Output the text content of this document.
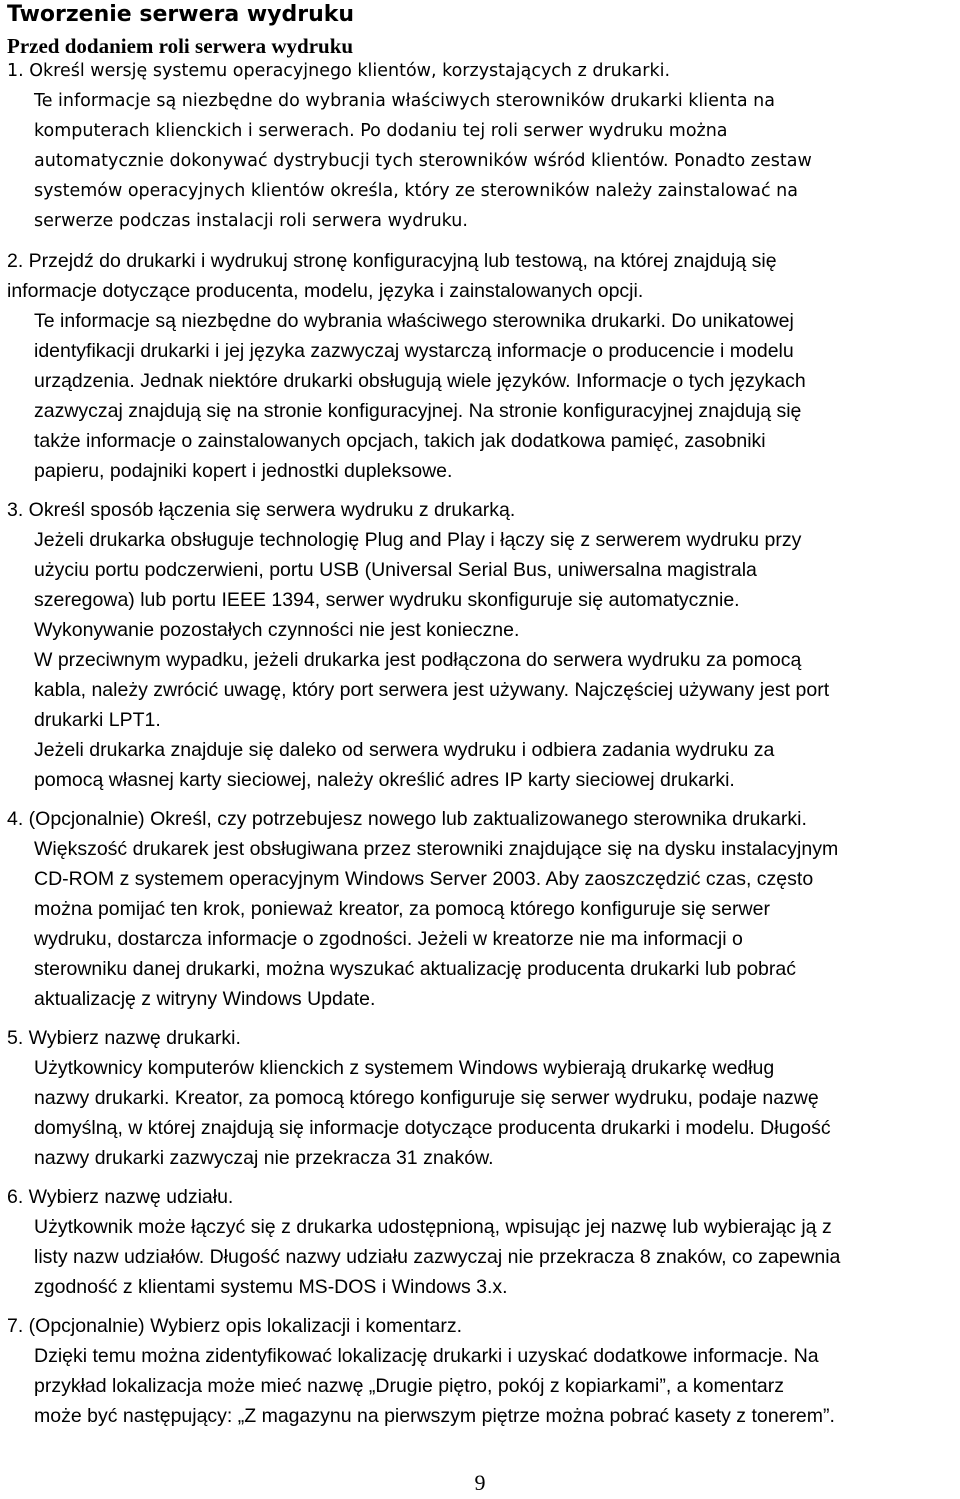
Tworzenie serwera wydruku
Przed dodaniem roli serwera wydruku
1. Określ wersję systemu operacyjnego klientów, korzystających z drukarki.
Te informacje są niezbędne do wybrania właściwych sterowników drukarki klienta na
komputerach klienckich i serwerach. Po dodaniu tej roli serwer wydruku można
automatycznie dokonywać dystrybucji tych sterowników wśród klientów. Ponadto zestaw
systemów operacyjnych klientów określa, który ze sterowników należy zainstalować na
serwerze podczas instalacji roli serwera wydruku.
2. Przejdź do drukarki i wydrukuj stronę konfiguracyjną lub testową, na której znajdują się
informacje dotyczące producenta, modelu, języka i zainstalowanych opcji.
Te informacje są niezbędne do wybrania właściwego sterownika drukarki. Do unikatowej
identyfikacji drukarki i jej języka zazwyczaj wystarczą informacje o producencie i modelu
urządzenia. Jednak niektóre drukarki obsługują wiele języków. Informacje o tych językach
zazwyczaj znajdują się na stronie konfiguracyjnej. Na stronie konfiguracyjnej znajdują się
także informacje o zainstalowanych opcjach, takich jak dodatkowa pamięć, zasobniki
papieru, podajniki kopert i jednostki dupleksowe.
3. Określ sposób łączenia się serwera wydruku z drukarką.
Jeżeli drukarka obsługuje technologię Plug and Play i łączy się z serwerem wydruku przy
użyciu portu podczerwieni, portu USB (Universal Serial Bus, uniwersalna magistrala
szeregowa) lub portu IEEE 1394, serwer wydruku skonfiguruje się automatycznie.
Wykonywanie pozostałych czynności nie jest konieczne.
W przeciwnym wypadku, jeżeli drukarka jest podłączona do serwera wydruku za pomocą
kabla, należy zwrócić uwagę, który port serwera jest używany. Najczęściej używany jest port
drukarki LPT1.
Jeżeli drukarka znajduje się daleko od serwera wydruku i odbiera zadania wydruku za
pomocą własnej karty sieciowej, należy określić adres IP karty sieciowej drukarki.
4. (Opcjonalnie) Określ, czy potrzebujesz nowego lub zaktualizowanego sterownika drukarki.
Większość drukarek jest obsługiwana przez sterowniki znajdujące się na dysku instalacyjnym
CD-ROM z systemem operacyjnym Windows Server 2003. Aby zaoszczędzić czas, często
można pomijać ten krok, ponieważ kreator, za pomocą którego konfiguruje się serwer
wydruku, dostarcza informacje o zgodności. Jeżeli w kreatorze nie ma informacji o
sterowniku danej drukarki, można wyszukać aktualizację producenta drukarki lub pobrać
aktualizację z witryny Windows Update.
5. Wybierz nazwę drukarki.
Użytkownicy komputerów klienckich z systemem Windows wybierają drukarkę według
nazwy drukarki. Kreator, za pomocą którego konfiguruje się serwer wydruku, podaje nazwę
domyślną, w której znajdują się informacje dotyczące producenta drukarki i modelu. Długość
nazwy drukarki zazwyczaj nie przekracza 31 znaków.
6. Wybierz nazwę udziału.
Użytkownik może łączyć się z drukarka udostępnioną, wpisując jej nazwę lub wybierając ją z
listy nazw udziałów. Długość nazwy udziału zazwyczaj nie przekracza 8 znaków, co zapewnia
zgodność z klientami systemu MS-DOS i Windows 3.x.
7. (Opcjonalnie) Wybierz opis lokalizacji i komentarz.
Dzięki temu można zidentyfikować lokalizację drukarki i uzyskać dodatkowe informacje. Na
przykład lokalizacja może mieć nazwę „Drugie piętro, pokój z kopiarkami”, a komentarz
może być następujący: „Z magazynu na pierwszym piętrze można pobrać kasety z tonerem”.
9
